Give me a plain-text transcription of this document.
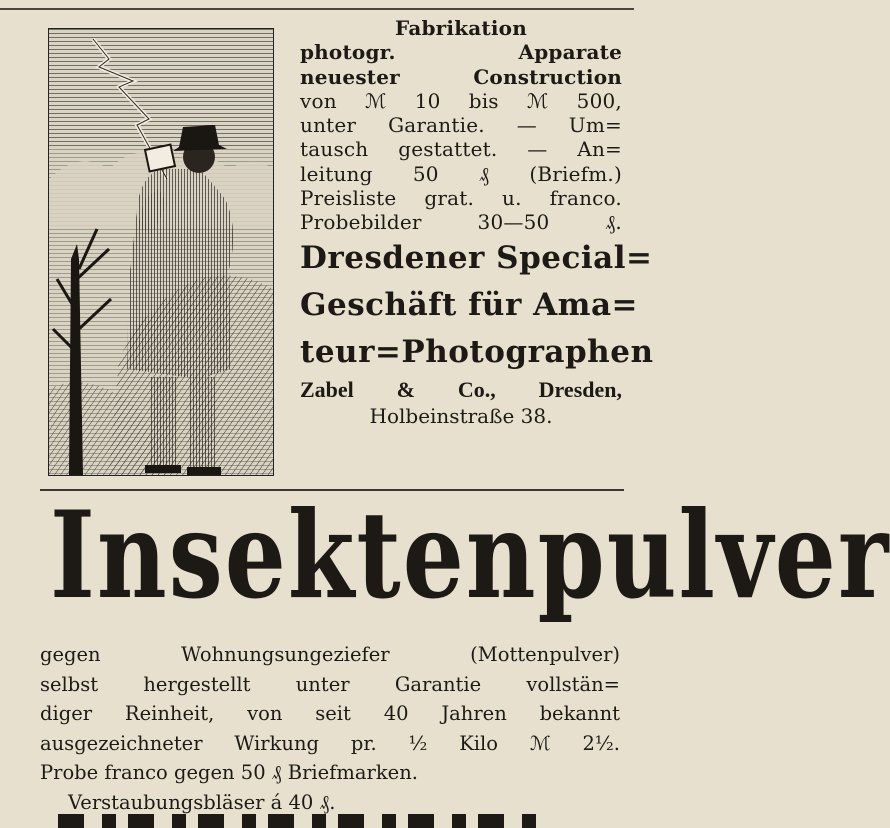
Fabrikation
photogr. Apparate
neuester Construction
von ℳ 10 bis ℳ 500,
unter Garantie. — Um=
tausch gestattet. — An=
leitung 50 ₰ (Briefm.)
Preisliste grat. u. franco.
Probebilder 30—50 ₰.
Dresdener Special=
Geschäft für Ama=
teur=Photographen
Zabel & Co., Dresden,
Holbeinstraße 38.
Insektenpulver
gegen Wohnungsungeziefer (Mottenpulver)
selbst hergestellt unter Garantie vollstän=
diger Reinheit, von seit 40 Jahren bekannt
ausgezeichneter Wirkung pr. ½ Kilo ℳ 2½.
Probe franco gegen 50 ₰ Briefmarken.
Verstaubungsbläser á 40 ₰.
